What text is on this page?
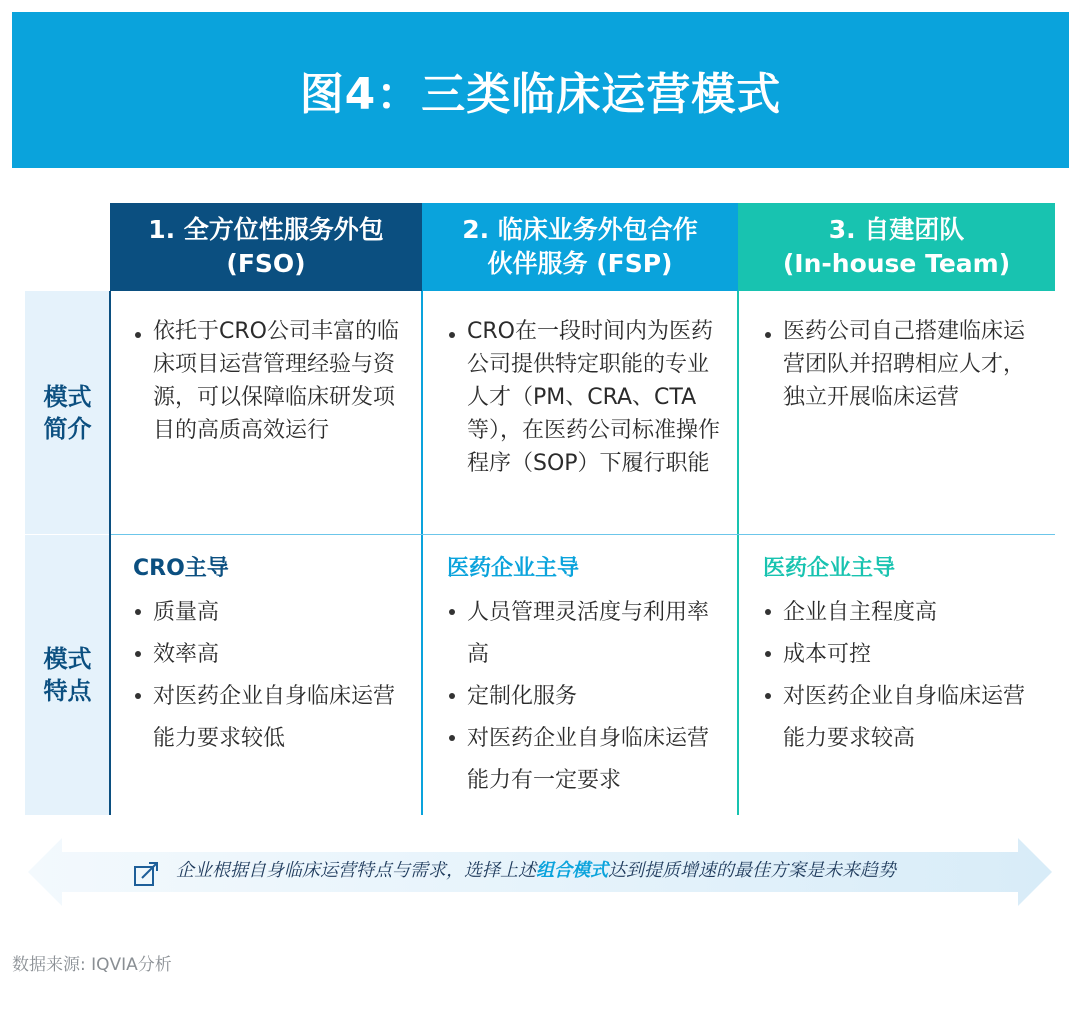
图4：三类临床运营模式
1. 全方位性服务外包
(FSO)
2. 临床业务外包合作
伙伴服务 (FSP)
3. 自建团队
(In-house Team)
模式
简介
模式
特点
依托于CRO公司丰富的临床项目运营管理经验与资源，可以保障临床研发项目的高质高效运行
CRO在一段时间内为医药公司提供特定职能的专业人才（PM、CRA、CTA等），在医药公司标准操作程序（SOP）下履行职能
医药公司自己搭建临床运营团队并招聘相应人才，独立开展临床运营
CRO主导
质量高
效率高
对医药企业自身临床运营能力要求较低
医药企业主导
人员管理灵活度与利用率高
定制化服务
对医药企业自身临床运营能力有一定要求
医药企业主导
企业自主程度高
成本可控
对医药企业自身临床运营能力要求较高
企业根据自身临床运营特点与需求，选择上述组合模式达到提质增速的最佳方案是未来趋势
数据来源: IQVIA分析
